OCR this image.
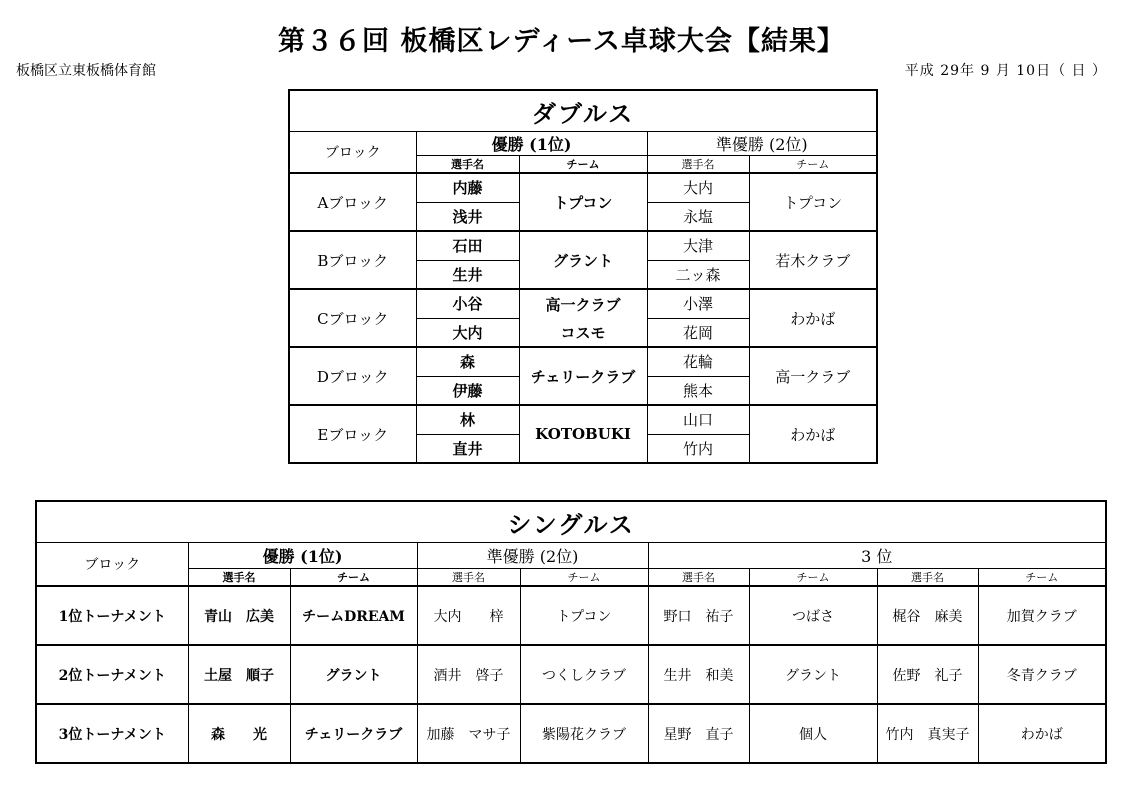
第３６回 板橋区レディース卓球大会【結果】
板橋区立東板橋体育館	平成 29年 9 月 10日（ 日 ）
ダブルス				
ブロック	優勝 (1位)		準優勝 (2位)	
	選手名	チーム	選手名	チーム
Aブロック	内藤	トプコン	大内	トプコン
	浅井		永塩	
Bブロック	石田	グラント	大津	若木クラブ
	生井		二ッ森	
Cブロック	小谷	高一クラブ	小澤	わかば
	大内	コスモ	花岡	
Dブロック	森	チェリークラブ	花輪	高一クラブ
	伊藤		熊本	
Eブロック	林	KOTOBUKI	山口	わかば
	直井		竹内	
シングルス								
ブロック	優勝 (1位)		準優勝 (2位)		3 位			
	選手名	チーム	選手名	チーム	選手名	チーム	選手名	チーム
1位トーナメント	青山　広美	チームDREAM	大内　　梓	トプコン	野口　祐子	つばさ	梶谷　麻美	加賀クラブ
2位トーナメント	土屋　順子	グラント	酒井　啓子	つくしクラブ	生井　和美	グラント	佐野　礼子	冬青クラブ
3位トーナメント	森　　光	チェリークラブ	加藤　マサ子	紫陽花クラブ	星野　直子	個人	竹内　真実子	わかば
